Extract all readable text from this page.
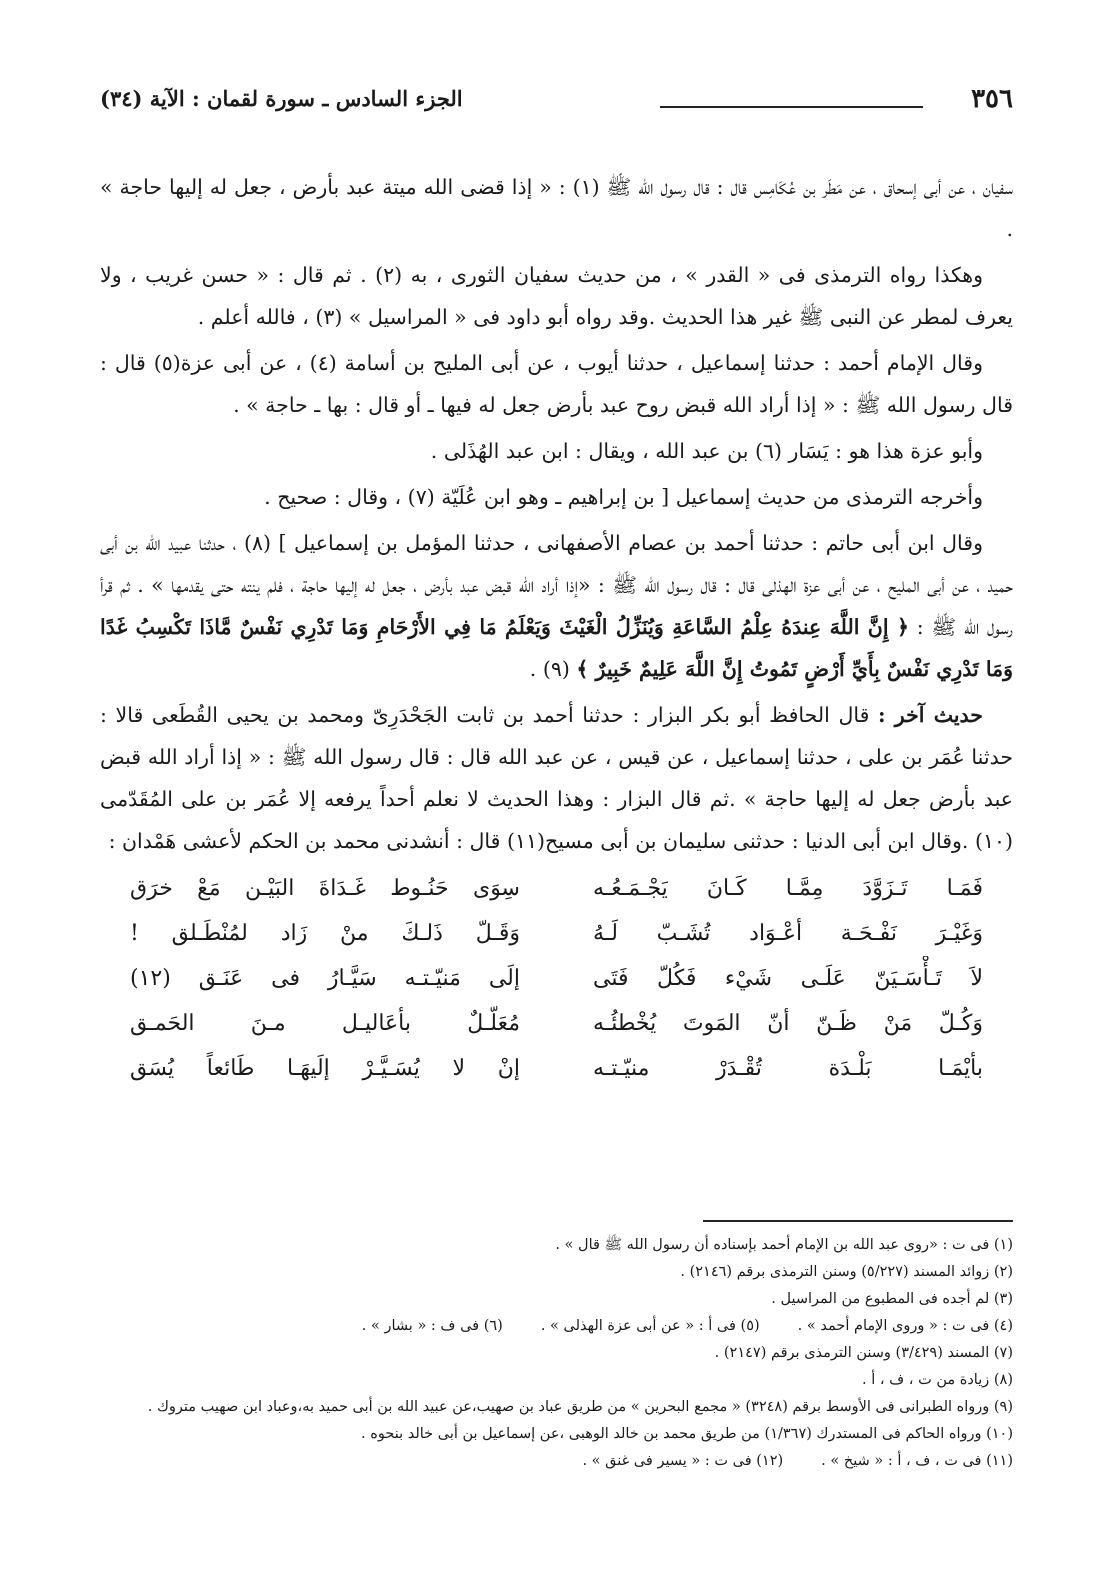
٣٥٦
الجزء السادس ـ سورة لقمان : الآية (٣٤)

سفيان ، عن أبى إسحاق ، عن مَطَر بن عُكَامِس قال : قال رسول الله ﷺ (١) : « إذا قضى الله ميتة عبد بأرض ، جعل له إليها حاجة » .

وهكذا رواه الترمذى فى « القدر » ، من حديث سفيان الثورى ، به (٢) . ثم قال : « حسن غريب ، ولا يعرف لمطر عن النبى ﷺ غير هذا الحديث .وقد رواه أبو داود فى « المراسيل » (٣) ، فالله أعلم .

وقال الإمام أحمد : حدثنا إسماعيل ، حدثنا أيوب ، عن أبى المليح بن أسامة (٤) ، عن أبى عزة(٥) قال : قال رسول الله ﷺ : « إذا أراد الله قبض روح عبد بأرض جعل له فيها ـ أو قال : بها ـ حاجة » .

وأبو عزة هذا هو : يَسَار (٦) بن عبد الله ، ويقال : ابن عبد الهُذَلى .

وأخرجه الترمذى من حديث إسماعيل [ بن إبراهيم ـ وهو ابن عُلَيّة (٧) ، وقال : صحيح .

وقال ابن أبى حاتم : حدثنا أحمد بن عصام الأصفهانى ، حدثنا المؤمل بن إسماعيل ] (٨) ، حدثنا عبيد الله بن أبى حميد ، عن أبى المليح ، عن أبى عزة الهذلى قال : قال رسول الله ﷺ : «إذا أراد الله قبض عبد بأرض ، جعل له إليها حاجة ، فلم ينته حتى يقدمها » . ثم قرأ رسول الله ﷺ : ﴿ إِنَّ اللَّهَ عِندَهُ عِلْمُ السَّاعَةِ وَيُنَزِّلُ الْغَيْثَ وَيَعْلَمُ مَا فِي الأَرْحَامِ وَمَا تَدْرِي نَفْسٌ مَّاذَا تَكْسِبُ غَدًا وَمَا تَدْرِي نَفْسٌ بِأَيِّ أَرْضٍ تَمُوتُ إِنَّ اللَّهَ عَلِيمٌ خَبِيرٌ ﴾ (٩) .

حديث آخر : قال الحافظ أبو بكر البزار : حدثنا أحمد بن ثابت الجَحْدَرِىّ ومحمد بن يحيى القُطَعى قالا : حدثنا عُمَر بن على ، حدثنا إسماعيل ، عن قيس ، عن عبد الله قال : قال رسول الله ﷺ : « إذا أراد الله قبض عبد بأرض جعل له إليها حاجة » .ثم قال البزار : وهذا الحديث لا نعلم أحداً يرفعه إلا عُمَر بن على المُقَدّمى (١٠) .وقال ابن أبى الدنيا : حدثنى سليمان بن أبى مسيح(١١) قال : أنشدنى محمد بن الحكم لأعشى هَمْدان :

فَمَـا تَـزَوَّدَ مِمَّـا كَـانَ يَجْـمَـعُـه
سِوَى حَنُـوط غَـدَاةَ البَيْـن مَعْ خرَق
وَغَيْـرَ نَفْـحَـة أعْـوَاد تُشَـبّ لَـهُ
وَقَـلّ ذَلـكَ منْ زَاد لمُنْطَـلق !
لاَ تَـأْسَـيَنّ عَلَـى شَيْء فَكُلّ فَتَى
إلَى مَنيّـتـه سَيَّـارُ فى عَنَـق (١٢)
وَكُـلّ مَنْ ظَـنّ أنّ المَوتَ يُخْطئُـه
مُعَلّـلٌ بأعَاليـل مـنَ الحَمـق
بأيْمَـا بَلْـدَة تُقْـدَرْ منيّـتـه
إنْ لا يُسَـيَّـرْ إلَيهَـا طَائعاً يُسَق

(١) فى ت : «روى عبد الله بن الإمام أحمد بإسناده أن رسول الله ﷺ قال » .

(٢) زوائد المسند (٥/٢٢٧) وسنن الترمذى برقم (٢١٤٦) .

(٣) لم أجده فى المطبوع من المراسيل .

(٤) فى ت : « وروى الإمام أحمد » .(٥) فى أ : « عن أبى عزة الهذلى » .(٦) فى ف : « بشار » .

(٧) المسند (٣/٤٢٩) وسنن الترمذى برقم (٢١٤٧) .

(٨) زيادة من ت ، ف ، أ .

(٩) ورواه الطبرانى فى الأوسط برقم (٣٢٤٨) « مجمع البحرين » من طريق عباد بن صهيب،عن عبيد الله بن أبى حميد به،وعباد ابن صهيب متروك .

(١٠) ورواه الحاكم فى المستدرك (١/٣٦٧) من طريق محمد بن خالد الوهبى ،عن إسماعيل بن أبى خالد بنحوه .

(١١) فى ت ، ف ، أ : « شيخ » .(١٢) فى ت : « يسير فى غنق » .
